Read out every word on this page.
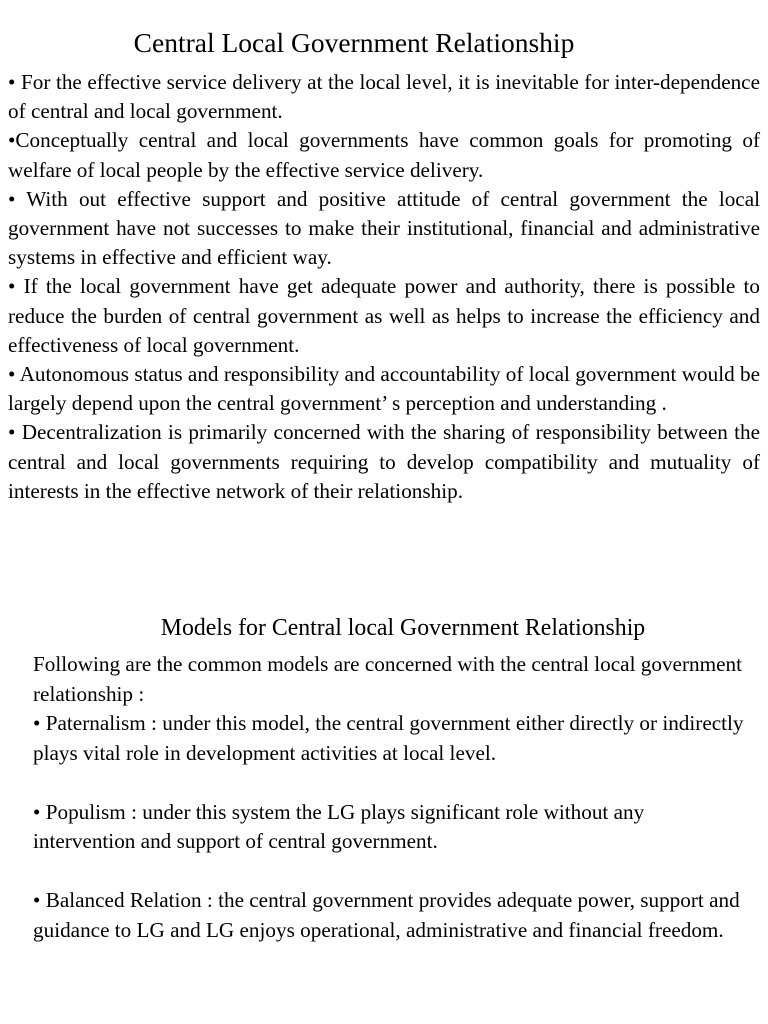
Central Local Government Relationship

• For the effective service delivery at the local level, it is inevitable for inter-dependence of central and local government.

•Conceptually central and local governments have common goals for promoting of welfare of local people by the effective service delivery.

• With out effective support and positive attitude of central government the local government have not successes to make their institutional, financial and administrative systems in effective and efficient way.

• If the local government have get adequate power and authority, there is possible to reduce the burden of central government as well as helps to increase the efficiency and effectiveness of local government.

• Autonomous status and responsibility and accountability of local government would be largely depend upon the central government’ s perception and understanding .

• Decentralization is primarily concerned with the sharing of responsibility between the central and local governments requiring to develop compatibility and mutuality of interests in the effective network of their relationship.

Models for Central local Government Relationship

Following are the common models are concerned with the central local government relationship :

• Paternalism : under this model, the central government either directly or indirectly plays vital role in development activities at local level.

• Populism : under this system the LG plays significant role without any intervention and support of central government.

• Balanced Relation : the central government provides adequate power, support and guidance to LG and LG enjoys operational, administrative and financial freedom.
